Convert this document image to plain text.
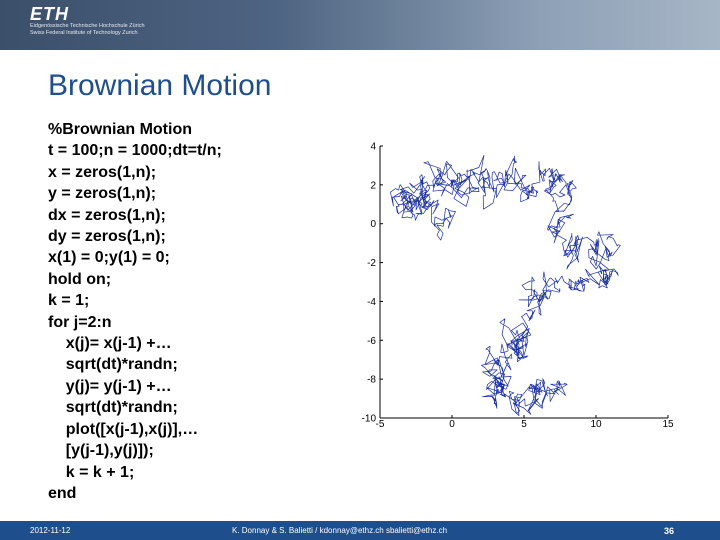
ETH
Eidgenössische Technische Hochschule Zürich
Swiss Federal Institute of Technology Zurich
Brownian Motion
%Brownian Motion
t = 100;n = 1000;dt=t/n;
x = zeros(1,n);
y = zeros(1,n);
dx = zeros(1,n);
dy = zeros(1,n);
x(1) = 0;y(1) = 0;
hold on;
k = 1;
for j=2:n
x(j)= x(j-1) +…
sqrt(dt)*randn;
y(j)= y(j-1) +…
sqrt(dt)*randn;
plot([x(j-1),x(j)],…
[y(j-1),y(j)]);
k = k + 1;
end
-5	0	5	10	15
4
2
0
-2
-4
-6
-8
-10
2012-11-12	K. Donnay & S. Balietti / kdonnay@ethz.ch sbalietti@ethz.ch	36
